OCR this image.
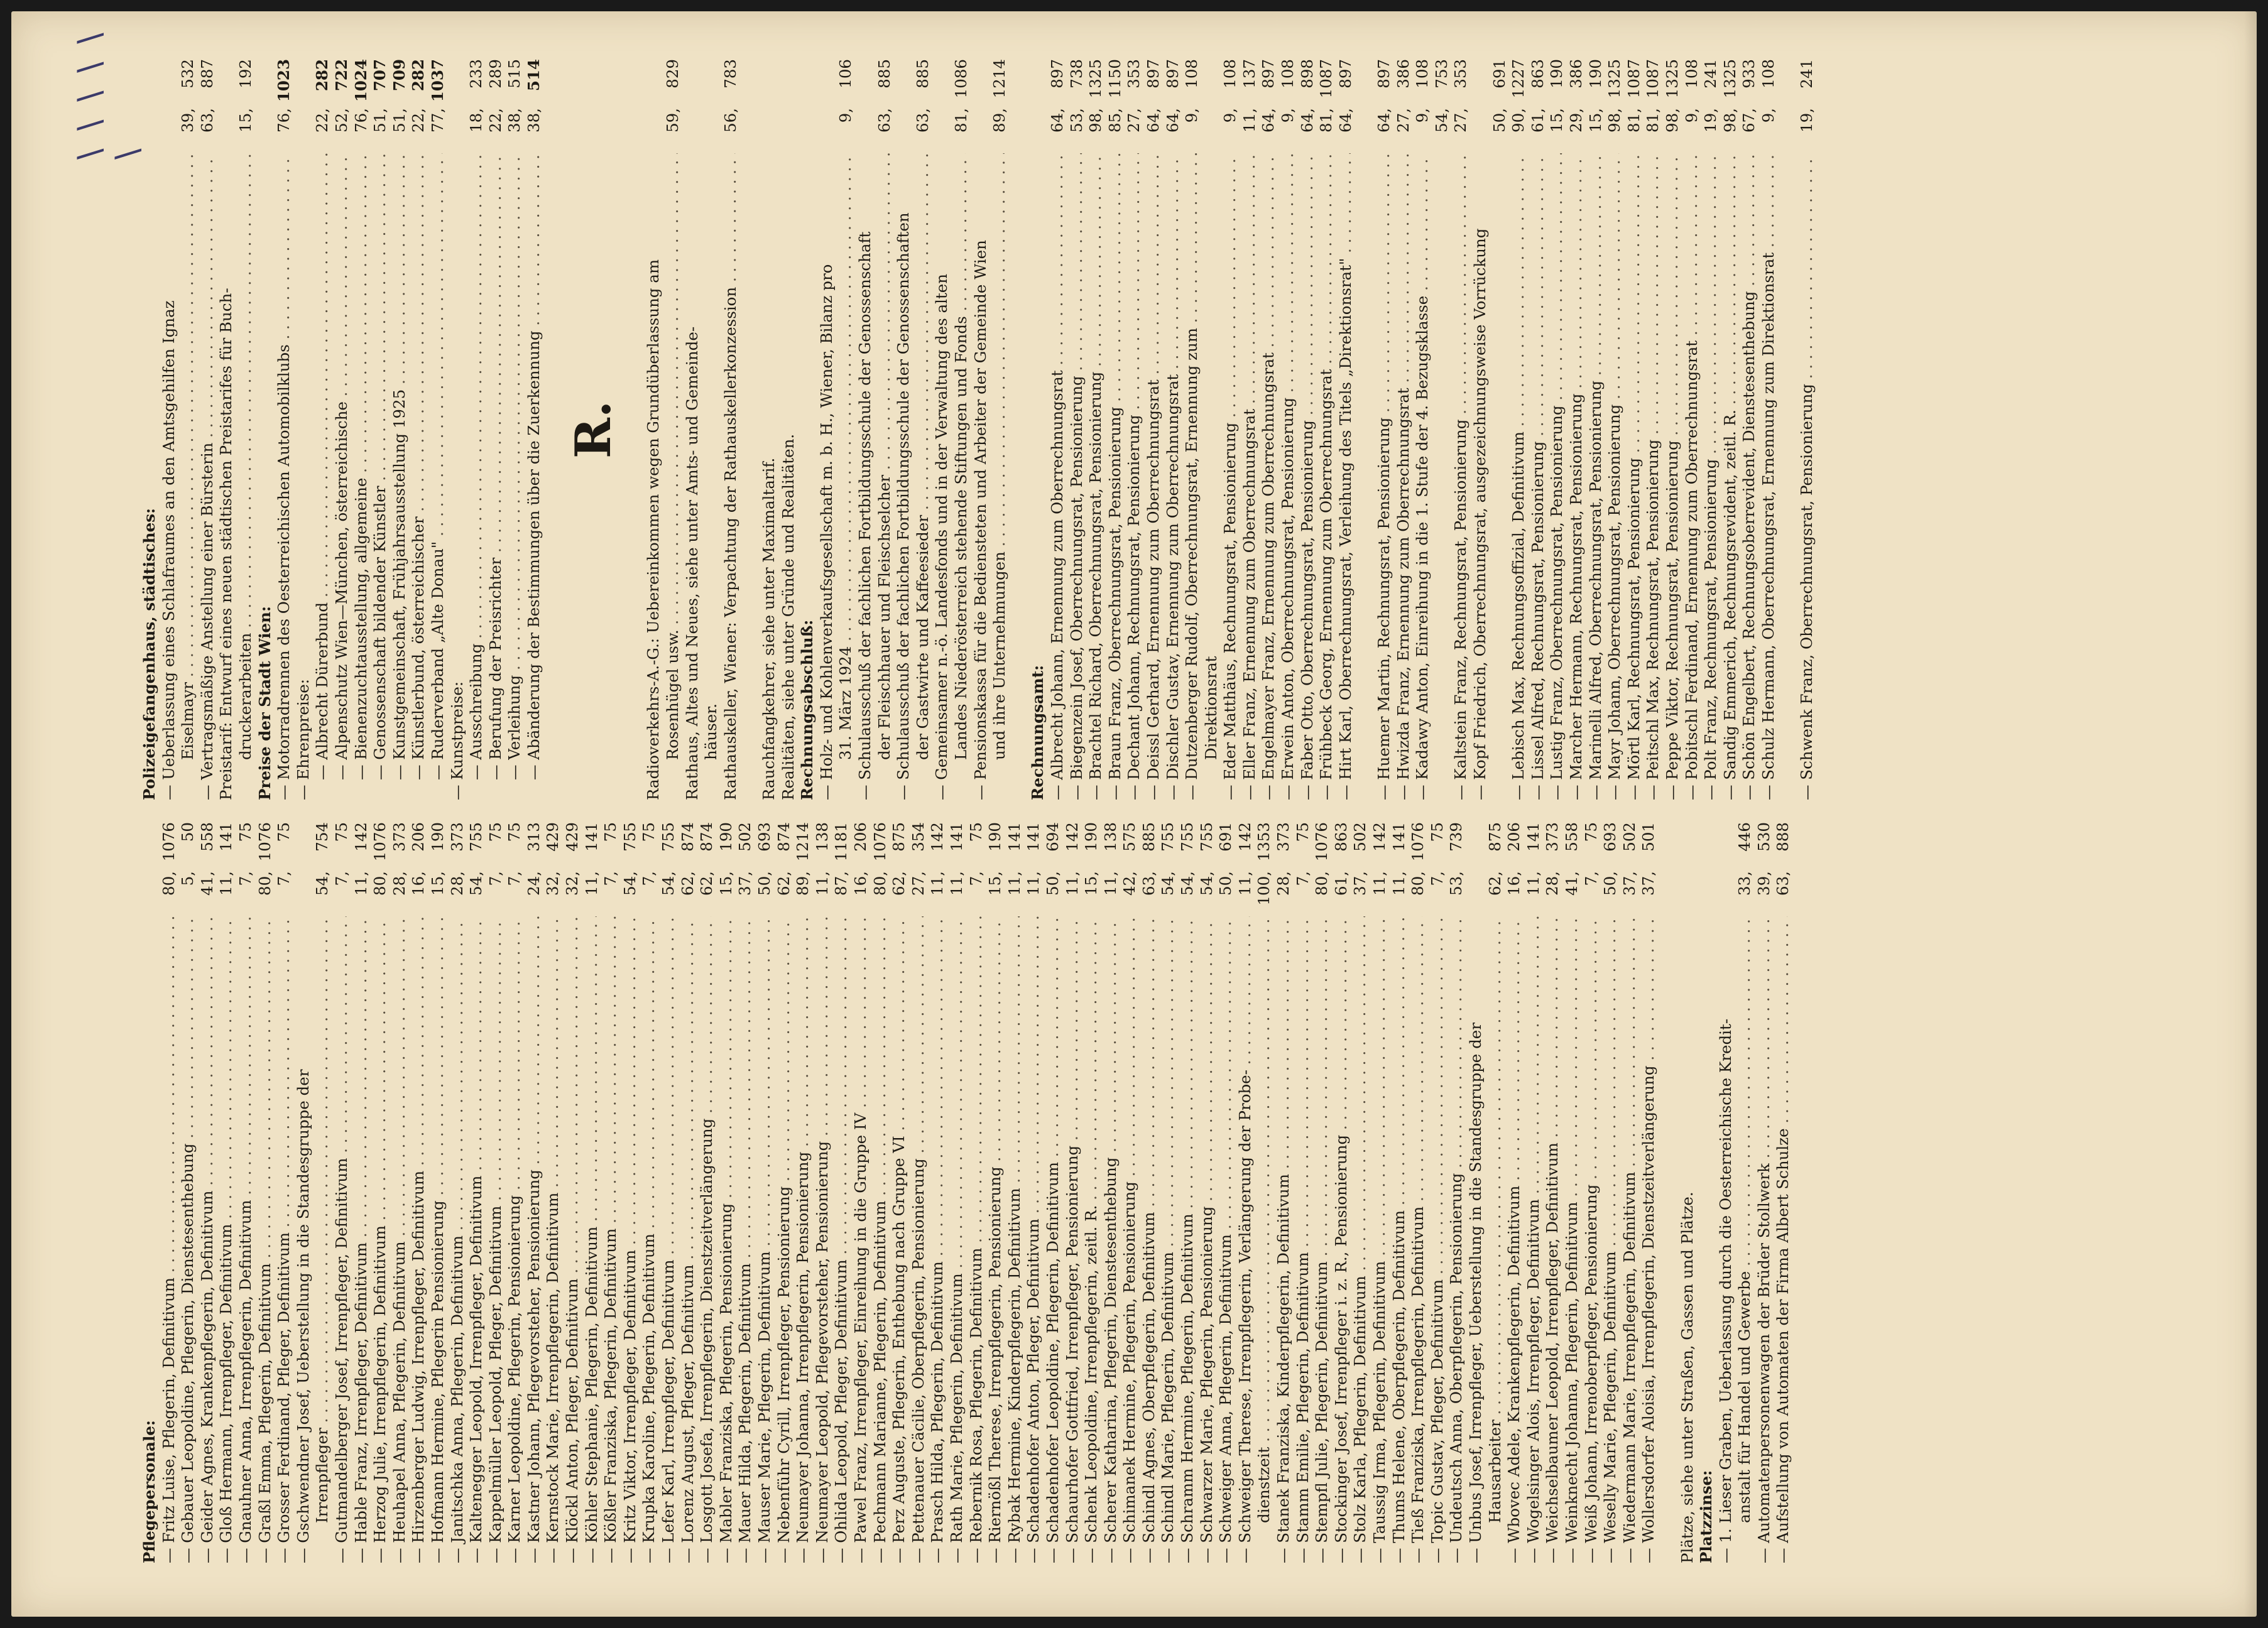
\ \ \ \ \ \
Pflegepersonale: — Fritz Luise, Pflegerin, Definitivum . . .
80,1076
— Gebauer Leopoldine, Pflegerin, Dienstesenthebung . . .
5,50
— Geider Agnes, Krankenpflegerin, Definitivum . . .
41,558
— Gloß Hermann, Irrenpfleger, Definitivum . . .
11,141
— Gnauhner Anna, Irrenpflegerin, Definitivum . . .
7,75
— Graßl Emma, Pflegerin, Definitivum . . .
80,1076
— Grosser Ferdinand, Pfleger, Definitivum . . .
7,75
— Gschwendner Josef, Ueberstellung in die Standesgruppe der Irrenpfleger . . .
54,754
— Gutmandelberger Josef, Irrenpfleger, Definitivum . . .
7,75
— Hable Franz, Irrenpfleger, Definitivum . . .
11,142
— Herzog Julie, Irrenpflegerin, Definitivum . . .
80,1076
— Heuhapel Anna, Pflegerin, Definitivum . . .
28,373
— Hirzenberger Ludwig, Irrenpfleger, Definitivum . . .
16,206
— Hofmann Hermine, Pflegerin Pensionierung . . .
15,190
— Janitschka Anna, Pflegerin, Definitivum . . .
28,373
— Kaltenegger Leopold, Irrenpfleger, Definitivum . . .
54,755
— Kappelmüller Leopold, Pfleger, Definitivum . . .
7,75
— Karner Leopoldine, Pflegerin, Pensionierung . . .
7,75
— Kastner Johann, Pflegevorsteher, Pensionierung . . .
24,313
— Kernstock Marie, Irrenpflegerin, Definitivum . . .
32,429
— Klöckl Anton, Pfleger, Definitivum . . .
32,429
— Köhler Stephanie, Pflegerin, Definitivum . . .
11,141
— Kößler Franziska, Pflegerin, Definitivum . . .
7,75
— Kritz Viktor, Irrenpfleger, Definitivum . . .
54,755
— Krupka Karoline, Pflegerin, Definitivum . . .
7,75
— Lefer Karl, Irrenpfleger, Definitivum . . .
54,755
— Lorenz August, Pfleger, Definitivum . . .
62,874
— Losgott Josefa, Irrenpflegerin, Dienstzeitverlängerung . . .
62,874
— Mabler Franziska, Pflegerin, Pensionierung . . .
15,190
— Mauer Hilda, Pflegerin, Definitivum . . .
37,502
— Mauser Marie, Pflegerin, Definitivum . . .
50,693
— Nebenführ Cyrill, Irrenpfleger, Pensionierung . . .
62,874
— Neumayer Johanna, Irrenpflegerin, Pensionierung . . .
89,1214
— Neumayer Leopold, Pflegevorsteher, Pensionierung . . .
11,138
— Ohlida Leopold, Pfleger, Definitivum . . .
87,1181
— Pawel Franz, Irrenpfleger, Einreihung in die Gruppe IV . . .
16,206
— Pechmann Marianne, Pflegerin, Definitivum . . .
80,1076
— Perz Auguste, Pflegerin, Enthebung nach Gruppe VI . . .
62,875
— Pettenauer Cäcilie, Oberpflegerin, Pensionierung . . .
27,354
— Prasch Hilda, Pflegerin, Definitivum . . .
11,142
— Rath Marie, Pflegerin, Definitivum . . .
11,141
— Rebernik Rosa, Pflegerin, Definitivum . . .
7,75
— Riernößl Therese, Irrenpflegerin, Pensionierung . . .
15,190
— Rybak Hermine, Kinderpflegerin, Definitivum . . .
11,141
— Schadenhofer Anton, Pfleger, Definitivum . . .
11,141
— Schadenhofer Leopoldine, Pflegerin, Definitivum . . .
50,694
— Schaurhofer Gottfried, Irrenpfleger, Pensionierung . . .
11,142
— Schenk Leopoldine, Irrenpflegerin, zeitl. R. . . .
15,190
— Scherer Katharina, Pflegerin, Dienstesenthebung . . .
11,138
— Schimanek Hermine, Pflegerin, Pensionierung . . .
42,575
— Schindl Agnes, Oberpflegerin, Definitivum . . .
63,885
— Schindl Marie, Pflegerin, Definitivum . . .
54,755
— Schramm Hermine, Pflegerin, Definitivum . . .
54,755
— Schwarzer Marie, Pflegerin, Pensionierung . . .
54,755
— Schweiger Anna, Pflegerin, Definitivum . . .
50,691
— Schweiger Therese, Irrenpflegerin, Verlängerung der Probe- . . .
11,142
dienstzeit . . .
100,1353
— Stanek Franziska, Kinderpflegerin, Definitivum . . .
28,373
— Stamm Emilie, Pflegerin, Definitivum . . .
7,75
— Stempfl Julie, Pflegerin, Definitivum . . .
80,1076
— Stockinger Josef, Irrenpfleger i. z. R., Pensionierung . . .
61,863
— Stolz Karla, Pflegerin, Definitivum . . .
37,502
— Taussig Irma, Pflegerin, Definitivum . . .
11,142
— Thums Helene, Oberpflegerin, Definitivum . . .
11,141
— Tieß Franziska, Irrenpflegerin, Definitivum . . .
80,1076
— Topic Gustav, Pfleger, Definitivum . . .
7,75
— Undeutsch Anna, Oberpflegerin, Pensionierung . . .
53,739
— Unbus Josef, Irrenpfleger, Ueberstellung in die Standesgruppe der Hausarbeiter . . .
62,875
— Wbovec Adele, Krankenpflegerin, Definitivum . . .
16,206
— Wogelsinger Alois, Irrenpfleger, Definitivum . . .
11,141
— Weichselbaumer Leopold, Irrenpfleger, Definitivum . . .
28,373
— Weinknecht Johanna, Pflegerin, Definitivum . . .
41,558
— Weiß Johann, Irrenoberpfleger, Pensionierung . . .
7,75
— Weselly Marie, Pflegerin, Definitivum . . .
50,693
— Wiedermann Marie, Irrenpflegerin, Definitivum . . .
37,502
— Wollersdorfer Aloisia, Irrenpflegerin, Dienstzeitverlängerung . . .
37,501
Plätze, siehe unter Straßen, Gassen und Plätze. Platzzinse: — 1. Lieser Graben, Ueberlassung durch die Oesterreichische Kredit- anstalt für Handel und Gewerbe . . .
33,446
— Automatenpersonenwagen der Brüder Stollwerk . . .
39,530
— Aufstellung von Automaten der Firma Albert Schulze . . .
63,888
Polizeigefangenhaus, städtisches: — Ueberlassung eines Schlafraumes an den Amtsgehilfen Ignaz Eiselmayr . . .
39,532
— Vertragsmäßige Anstellung einer Bürsterin . . .
63,887
Preistarif: Entwurf eines neuen städtischen Preistarifes für Buch- druckerarbeiten . . .
15,192
Preise der Stadt Wien: — Motorradrennen des Oesterreichischen Automobilklubs . . .
76,1023
— Ehrenpreise: — Albrecht Dürerbund . . .
22,282
— Alpenschutz Wien—München, österreichische . . .
52,722
— Bienenzuchtausstellung, allgemeine . . .
76,1024
— Genossenschaft bildender Künstler . . .
51,707
— Kunstgemeinschaft, Frühjahrsausstellung 1925 . . .
51,709
— Künstlerbund, österreichischer . . .
22,282
— Ruderverband „Alte Donau" . . .
77,1037
— Kunstpreise: — Ausschreibung . . .
18,233
— Berufung der Preisrichter . . .
22,289
— Verleihung . . .
38,515
— Abänderung der Bestimmungen über die Zuerkennung . . .
38,514
R.	Radioverkehrs-A.-G.: Uebereinkommen wegen Grundüberlassung am Rosenhügel usw. . . .
59,829
Rathaus, Altes und Neues, siehe unter Amts- und Gemeinde- häuser. Rathauskeller, Wiener: Verpachtung der Rathauskellerkonzession . . .
56,783
Rauchfangkehrer, siehe unter Maximaltarif. Realitäten, siehe unter Gründe und Realitäten. Rechnungsabschluß: — Holz- und Kohlenverkaufsgesellschaft m. b. H., Wiener, Bilanz pro 31. März 1924 . . .
9,106
— Schulausschuß der fachlichen Fortbildungsschule der Genossenschaft der Fleischhauer und Fleischselcher . . .
63,885
— Schulausschuß der fachlichen Fortbildungsschule der Genossenschaften der Gastwirte und Kaffeesieder . . .
63,885
— Gemeinsamer n.-ö. Landesfonds und in der Verwaltung des alten Landes Niederösterreich stehende Stiftungen und Fonds . . .
81,1086
— Pensionskassa für die Bediensteten und Arbeiter der Gemeinde Wien und ihre Unternehmungen . . .
89,1214
Rechnungsamt: — Albrecht Johann, Ernennung zum Oberrechnungsrat . . .
64,897
— Biegenzein Josef, Oberrechnungsrat, Pensionierung . . .
53,738
— Brachtel Richard, Oberrechnungsrat, Pensionierung . . .
98,1325
— Braun Franz, Oberrechnungsrat, Pensionierung . . .
85,1150
— Dechant Johann, Rechnungsrat, Pensionierung . . .
27,353
— Deissl Gerhard, Ernennung zum Oberrechnungsrat . . .
64,897
— Dischler Gustav, Ernennung zum Oberrechnungsrat . . .
64,897
— Dutzenberger Rudolf, Oberrechnungsrat, Ernennung zum . . .
9,108
Direktionsrat — Eder Matthäus, Rechnungsrat, Pensionierung . . .
9,108
— Eller Franz, Ernennung zum Oberrechnungsrat . . .
11,137
— Engelmayer Franz, Ernennung zum Oberrechnungsrat . . .
64,897
— Erwein Anton, Oberrechnungsrat, Pensionierung . . .
9,108
— Faber Otto, Oberrechnungsrat, Pensionierung . . .
64,898
— Frühbeck Georg, Ernennung zum Oberrechnungsrat . . .
81,1087
— Hirt Karl, Oberrechnungsrat, Verleihung des Titels „Direktionsrat" . . .
64,897
— Huemer Martin, Rechnungsrat, Pensionierung . . .
64,897
— Hwizda Franz, Ernennung zum Oberrechnungsrat . . .
27,386
— Kadawy Anton, Einreihung in die 1. Stufe der 4. Bezugsklasse . . .
9,108
54,753
— Kaltstein Franz, Rechnungsrat, Pensionierung . . .
27,353
— Kopf Friedrich, Oberrechnungsrat, ausgezeichnungsweise Vorrückung
50,691
— Lebisch Max, Rechnungsoffizial, Definitivum . . .
90,1227
— Lissel Alfred, Rechnungsrat, Pensionierung . . .
61,863
— Lustig Franz, Oberrechnungsrat, Pensionierung . . .
15,190
— Marcher Hermann, Rechnungsrat, Pensionierung . . .
29,386
— Marinelli Alfred, Oberrechnungsrat, Pensionierung . . .
15,190
— Mayr Johann, Oberrechnungsrat, Pensionierung . . .
98,1325
— Mörtl Karl, Rechnungsrat, Pensionierung . . .
81,1087
— Peitschl Max, Rechnungsrat, Pensionierung . . .
81,1087
— Peppe Viktor, Rechnungsrat, Pensionierung . . .
98,1325
— Pobitschl Ferdinand, Ernennung zum Oberrechnungsrat . . .
9,108
— Polt Franz, Rechnungsrat, Pensionierung . . .
19,241
— Sandig Emmerich, Rechnungsrevident, zeitl. R. . . .
98,1325
— Schön Engelbert, Rechnungsoberrevident, Dienstesenthebung . . .
67,933
— Schulz Hermann, Oberrechnungsrat, Ernennung zum Direktionsrat . . .
9,108
— Schwenk Franz, Oberrechnungsrat, Pensionierung . . .
19,241
